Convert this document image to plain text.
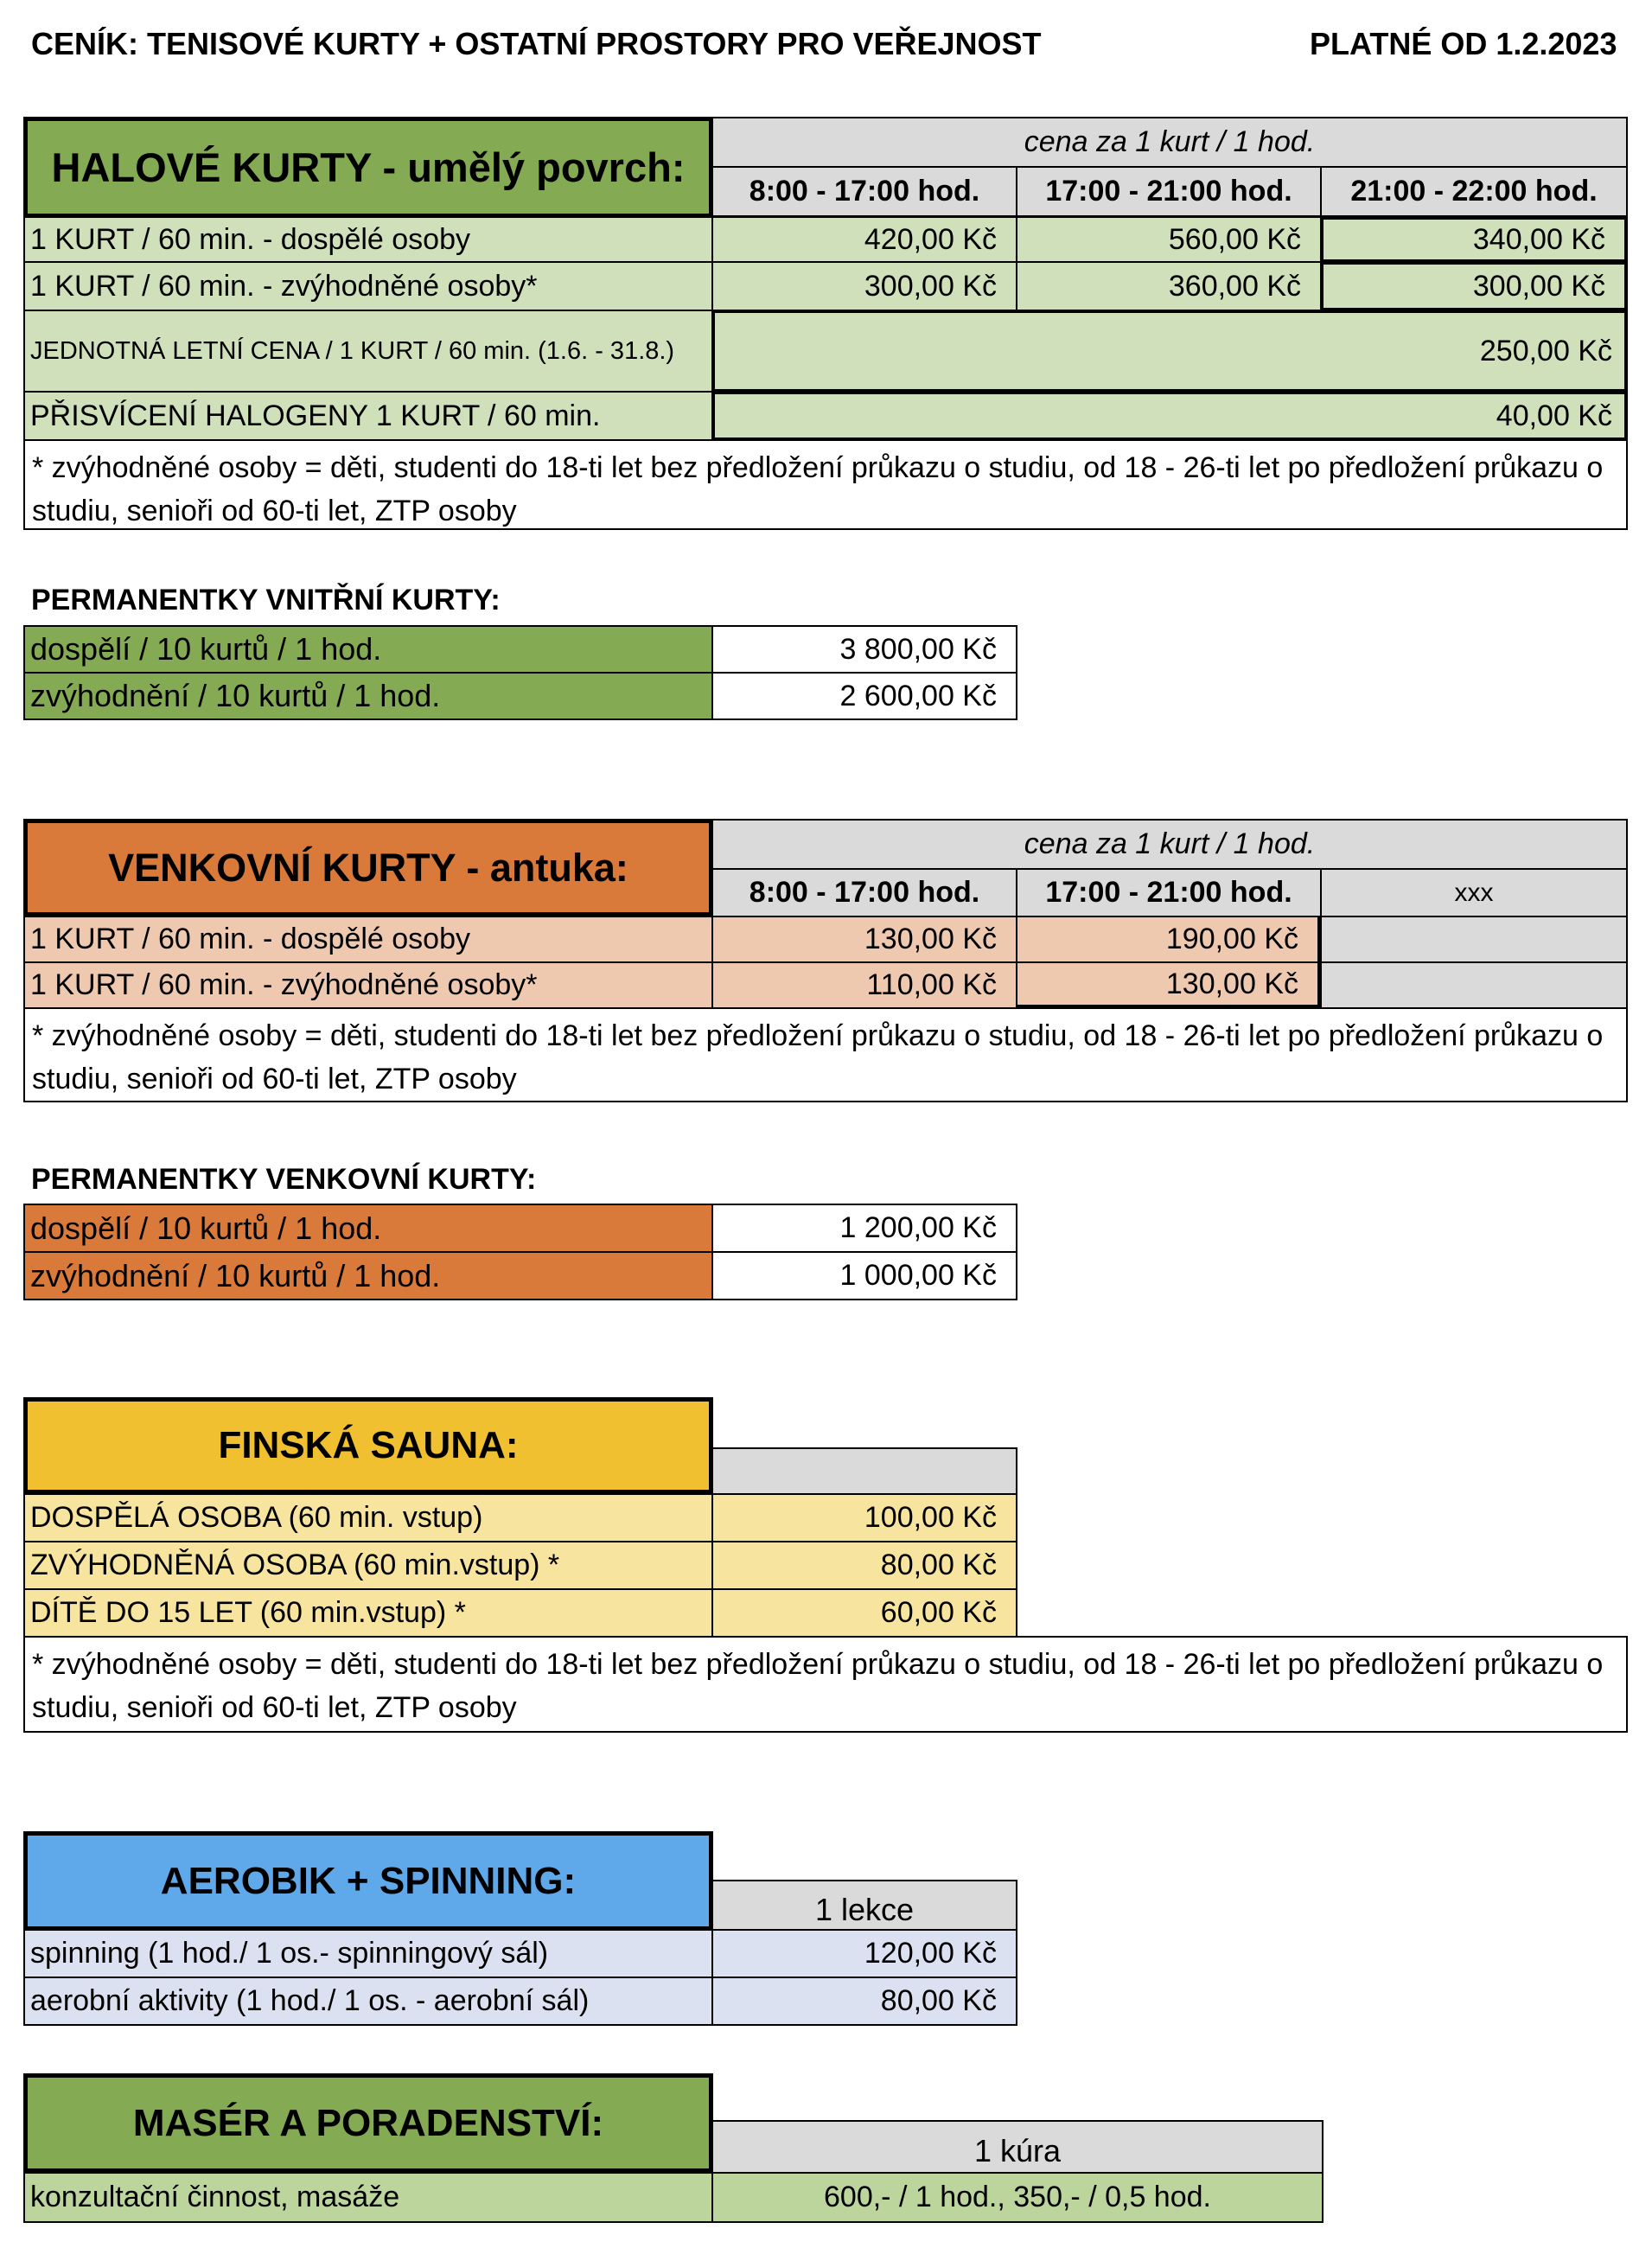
CENÍK: TENISOVÉ KURTY + OSTATNÍ PROSTORY PRO VEŘEJNOST	PLATNÉ OD 1.2.2023
HALOVÉ KURTY - umělý povrch:
cena za 1 kurt / 1 hod.
8:00 - 17:00 hod.	17:00 - 21:00 hod.	21:00 - 22:00 hod.
1 KURT / 60 min. - dospělé osoby	420,00 Kč	560,00 Kč	340,00 Kč
1 KURT / 60 min. - zvýhodněné osoby*	300,00 Kč	360,00 Kč	300,00 Kč
JEDNOTNÁ LETNÍ CENA / 1 KURT / 60 min. (1.6. - 31.8.)	250,00 Kč
PŘISVÍCENÍ HALOGENY 1 KURT / 60 min.	40,00 Kč
* zvýhodněné osoby = děti, studenti do 18-ti let bez předložení průkazu o studiu, od 18 - 26-ti let po předložení průkazu o studiu, senioři od 60-ti let, ZTP osoby
PERMANENTKY VNITŘNÍ KURTY:
dospělí / 10 kurtů / 1 hod.	3 800,00 Kč
zvýhodnění / 10 kurtů / 1 hod.	2 600,00 Kč
VENKOVNÍ KURTY - antuka:
cena za 1 kurt / 1 hod.
8:00 - 17:00 hod.	17:00 - 21:00 hod.	xxx
1 KURT / 60 min. - dospělé osoby	130,00 Kč	190,00 Kč
1 KURT / 60 min. - zvýhodněné osoby*	110,00 Kč	130,00 Kč
* zvýhodněné osoby = děti, studenti do 18-ti let bez předložení průkazu o studiu, od 18 - 26-ti let po předložení průkazu o studiu, senioři od 60-ti let, ZTP osoby
PERMANENTKY VENKOVNÍ KURTY:
dospělí / 10 kurtů / 1 hod.	1 200,00 Kč
zvýhodnění / 10 kurtů / 1 hod.	1 000,00 Kč
FINSKÁ SAUNA:
DOSPĚLÁ OSOBA (60 min. vstup)	100,00 Kč
ZVÝHODNĚNÁ OSOBA (60 min.vstup) *	80,00 Kč
DÍTĚ DO 15 LET (60 min.vstup) *	60,00 Kč
* zvýhodněné osoby = děti, studenti do 18-ti let bez předložení průkazu o studiu, od 18 - 26-ti let po předložení průkazu o studiu, senioři od 60-ti let, ZTP osoby
AEROBIK + SPINNING:
1 lekce
spinning (1 hod./ 1 os.- spinningový sál)	120,00 Kč
aerobní aktivity (1 hod./ 1 os. - aerobní sál)	80,00 Kč
MASÉR A PORADENSTVÍ:
1 kúra
konzultační činnost, masáže	600,- / 1 hod., 350,- / 0,5 hod.
